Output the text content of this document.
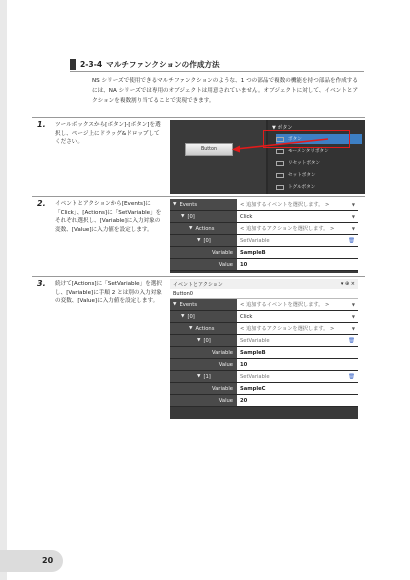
2-3-4 マルチファンクションの作成方法
NS シリーズで使用できるマルチファンクションのような、1 つの部品で複数の機能を持つ部品を作成するには、NA シリーズでは専用のオブジェクトは用意されていません。オブジェクトに対して、イベントとアクションを複数割り当てることで実現できます。
1. ツールボックスから[ボタン]-[ボタン]を選択し、ページ上にドラッグ&ドロップしてください。
Button
▼ ボタン
ボタン
モーメンタリボタン
リセットボタン
セットボタン
トグルボタン
2. イベントとアクションから[Events]に「Click」、[Actions]に「SetVariable」をそれぞれ選択し、[Variable]に入力対象の変数、[Value]に入力値を設定します。
▼ Events	< 追加するイベントを選択します。 >	▼
▼ [0]	Click	▼
▼ Actions	< 追加するアクションを選択します。 >	▼
▼ [0]	SetVariable	🗑
Variable SampleB
Value 10
3. 続けて[Actions]に「SetVariable」を選択し、[Variable]に手順 2 とは別の入力対象の変数、[Value]に入力値を設定します。
イベントとアクション	▾ ⊕ ×
Button0
▼ Events	< 追加するイベントを選択します。 >	▼
▼ [0]	Click	▼
▼ Actions	< 追加するアクションを選択します。 >	▼
▼ [0]	SetVariable	🗑
Variable SampleB
Value 10
▼ [1]	SetVariable	🗑
Variable SampleC
Value 20
20
